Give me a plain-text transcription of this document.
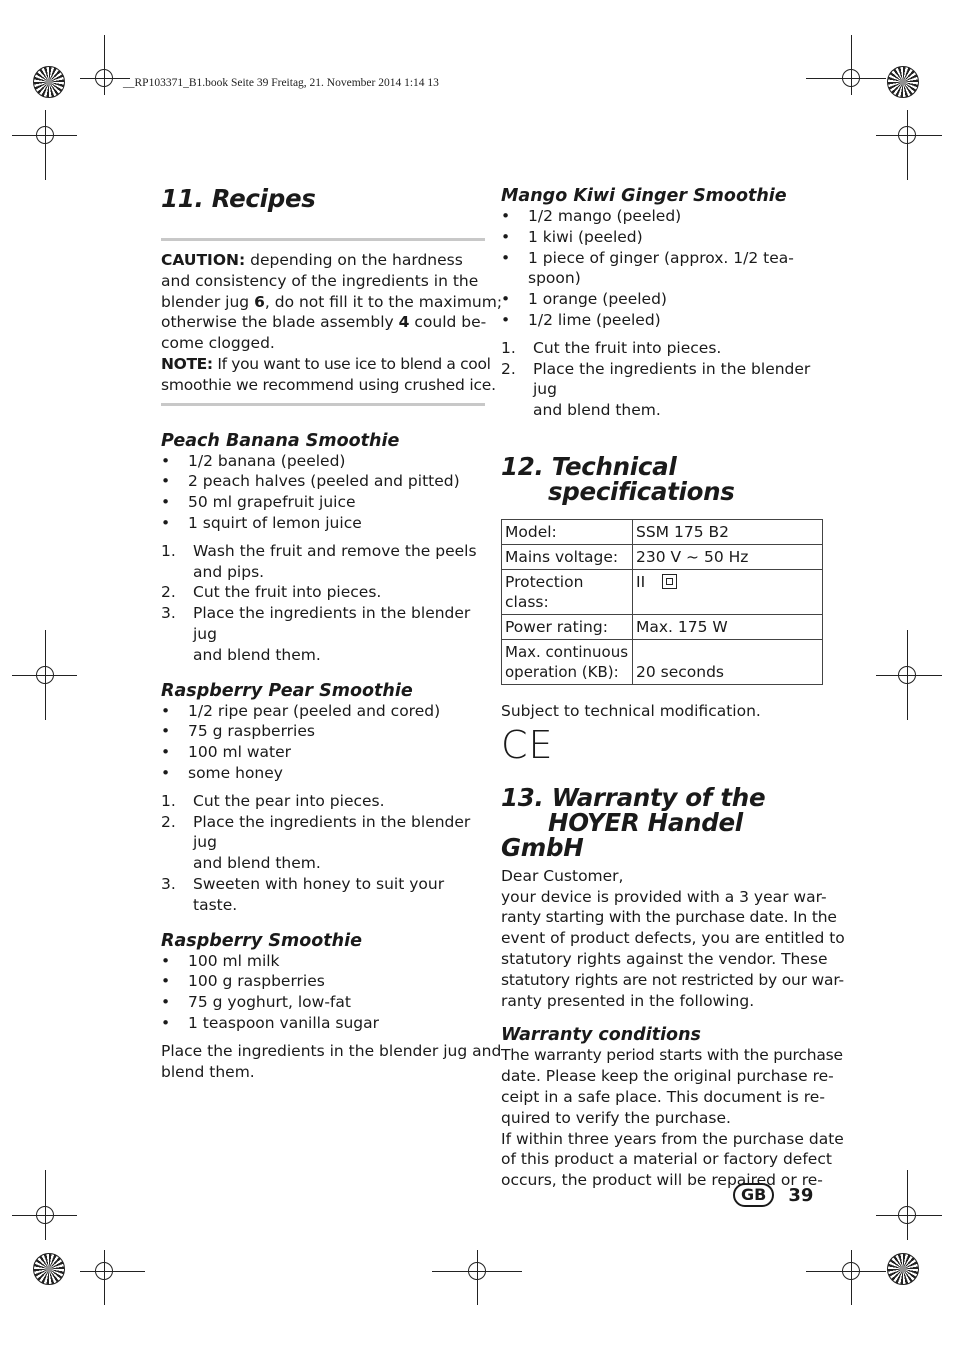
__RP103371_B1.book Seite 39 Freitag, 21. November 2014 1:14 13
11. Recipes

CAUTION: depending on the hardness

and consistency of the ingredients in the

blender jug 6, do not fill it to the maximum;

otherwise the blade assembly 4 could be-

come clogged.

NOTE: If you want to use ice to blend a cool

smoothie we recommend using crushed ice.

Peach Banana Smoothie
• 1/2 banana (peeled)
• 2 peach halves (peeled and pitted)
• 50 ml grapefruit juice
• 1 squirt of lemon juice
1. Wash the fruit and remove the peels
and pips.
2. Cut the fruit into pieces.
3. Place the ingredients in the blender jug
and blend them.
Raspberry Pear Smoothie
• 1/2 ripe pear (peeled and cored)
• 75 g raspberries
• 100 ml water
• some honey
1. Cut the pear into pieces.
2. Place the ingredients in the blender jug
and blend them.
3. Sweeten with honey to suit your taste.
Raspberry Smoothie
• 100 ml milk
• 100 g raspberries
• 75 g yoghurt, low-fat
• 1 teaspoon vanilla sugar

Place the ingredients in the blender jug and

blend them.

Mango Kiwi Ginger Smoothie
• 1/2 mango (peeled)
• 1 kiwi (peeled)
• 1 piece of ginger (approx. 1/2 tea-
spoon)
• 1 orange (peeled)
• 1/2 lime (peeled)
1. Cut the fruit into pieces.
2. Place the ingredients in the blender jug
and blend them.
12. Technical
specifications
Model:	SSM 175 B2
Mains voltage:	230 V ~ 50 Hz
Protection class:	II

Power rating:	Max. 175 W
Max. continuous operation (KB):	20 seconds

Subject to technical modification.

CE
13. Warranty of the
HOYER Handel GmbH

Dear Customer,

your device is provided with a 3 year war-

ranty starting with the purchase date. In the

event of product defects, you are entitled to

statutory rights against the vendor. These

statutory rights are not restricted by our war-

ranty presented in the following.

Warranty conditions

The warranty period starts with the purchase

date. Please keep the original purchase re-

ceipt in a safe place. This document is re-

quired to verify the purchase.

If within three years from the purchase date

of this product a material or factory defect

occurs, the product will be repaired or re-

GB	39
